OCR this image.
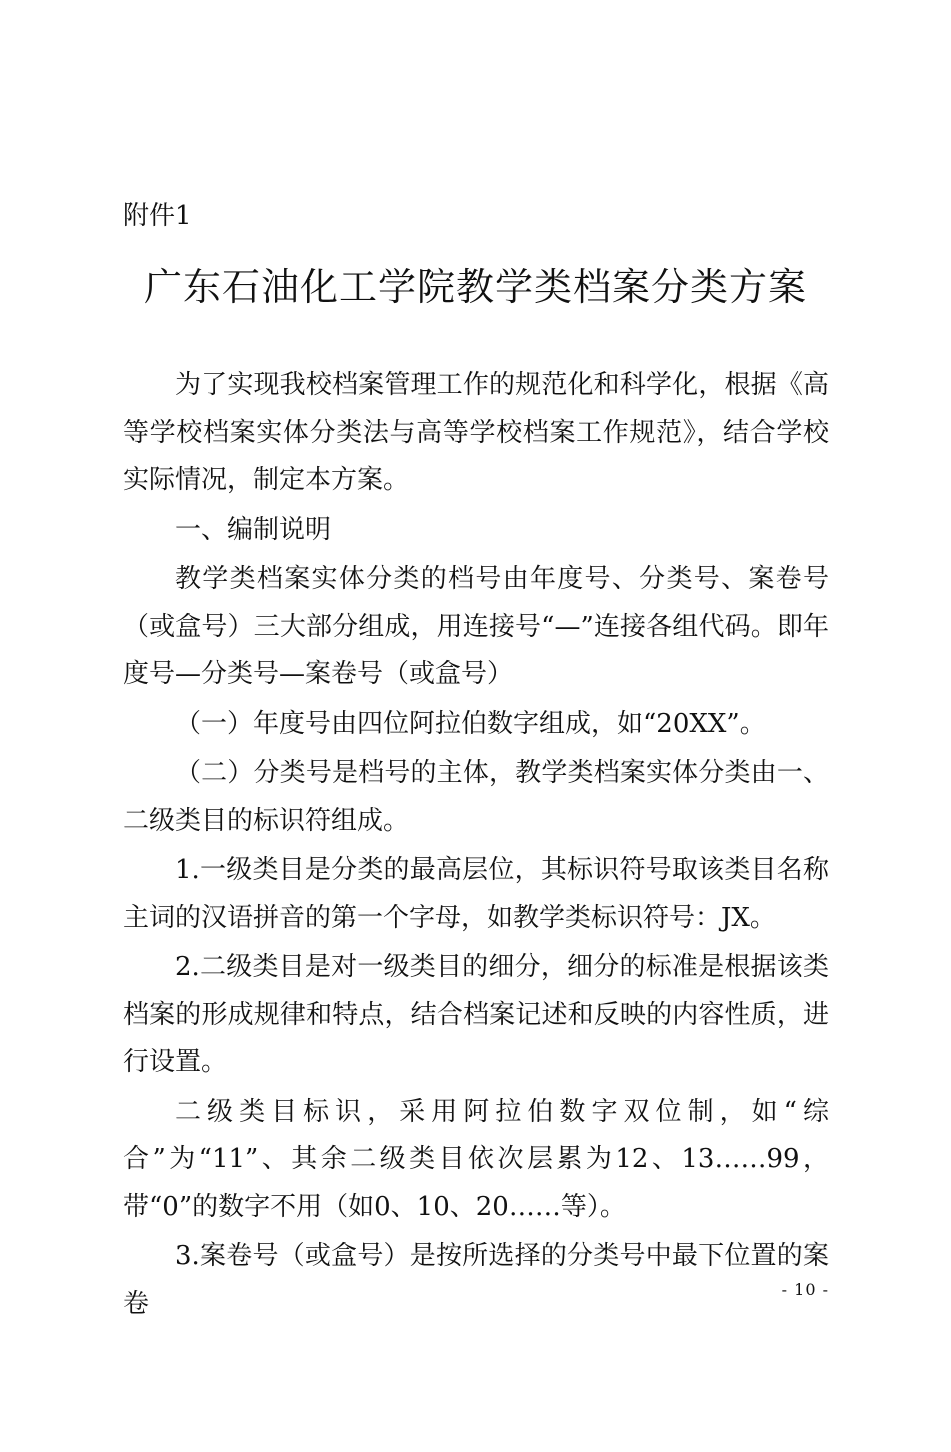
附件1
广东石油化工学院教学类档案分类方案

为了实现我校档案管理工作的规范化和科学化，根据《高等学校档案实体分类法与高等学校档案工作规范》，结合学校实际情况，制定本方案。

一、编制说明

教学类档案实体分类的档号由年度号、分类号、案卷号（或盒号）三大部分组成，用连接号“—”连接各组代码。即年度号—分类号—案卷号（或盒号）

（一）年度号由四位阿拉伯数字组成，如“20XX”。

（二）分类号是档号的主体，教学类档案实体分类由一、二级类目的标识符组成。

1.一级类目是分类的最高层位，其标识符号取该类目名称主词的汉语拼音的第一个字母，如教学类标识符号：JX。

2.二级类目是对一级类目的细分，细分的标准是根据该类档案的形成规律和特点，结合档案记述和反映的内容性质，进行设置。

二级类目标识，采用阿拉伯数字双位制，如“综合”为“11”、其余二级类目依次层累为12、13……99，带“0”的数字不用（如0、10、20……等）。

3.案卷号（或盒号）是按所选择的分类号中最下位置的案卷	- 10 -
